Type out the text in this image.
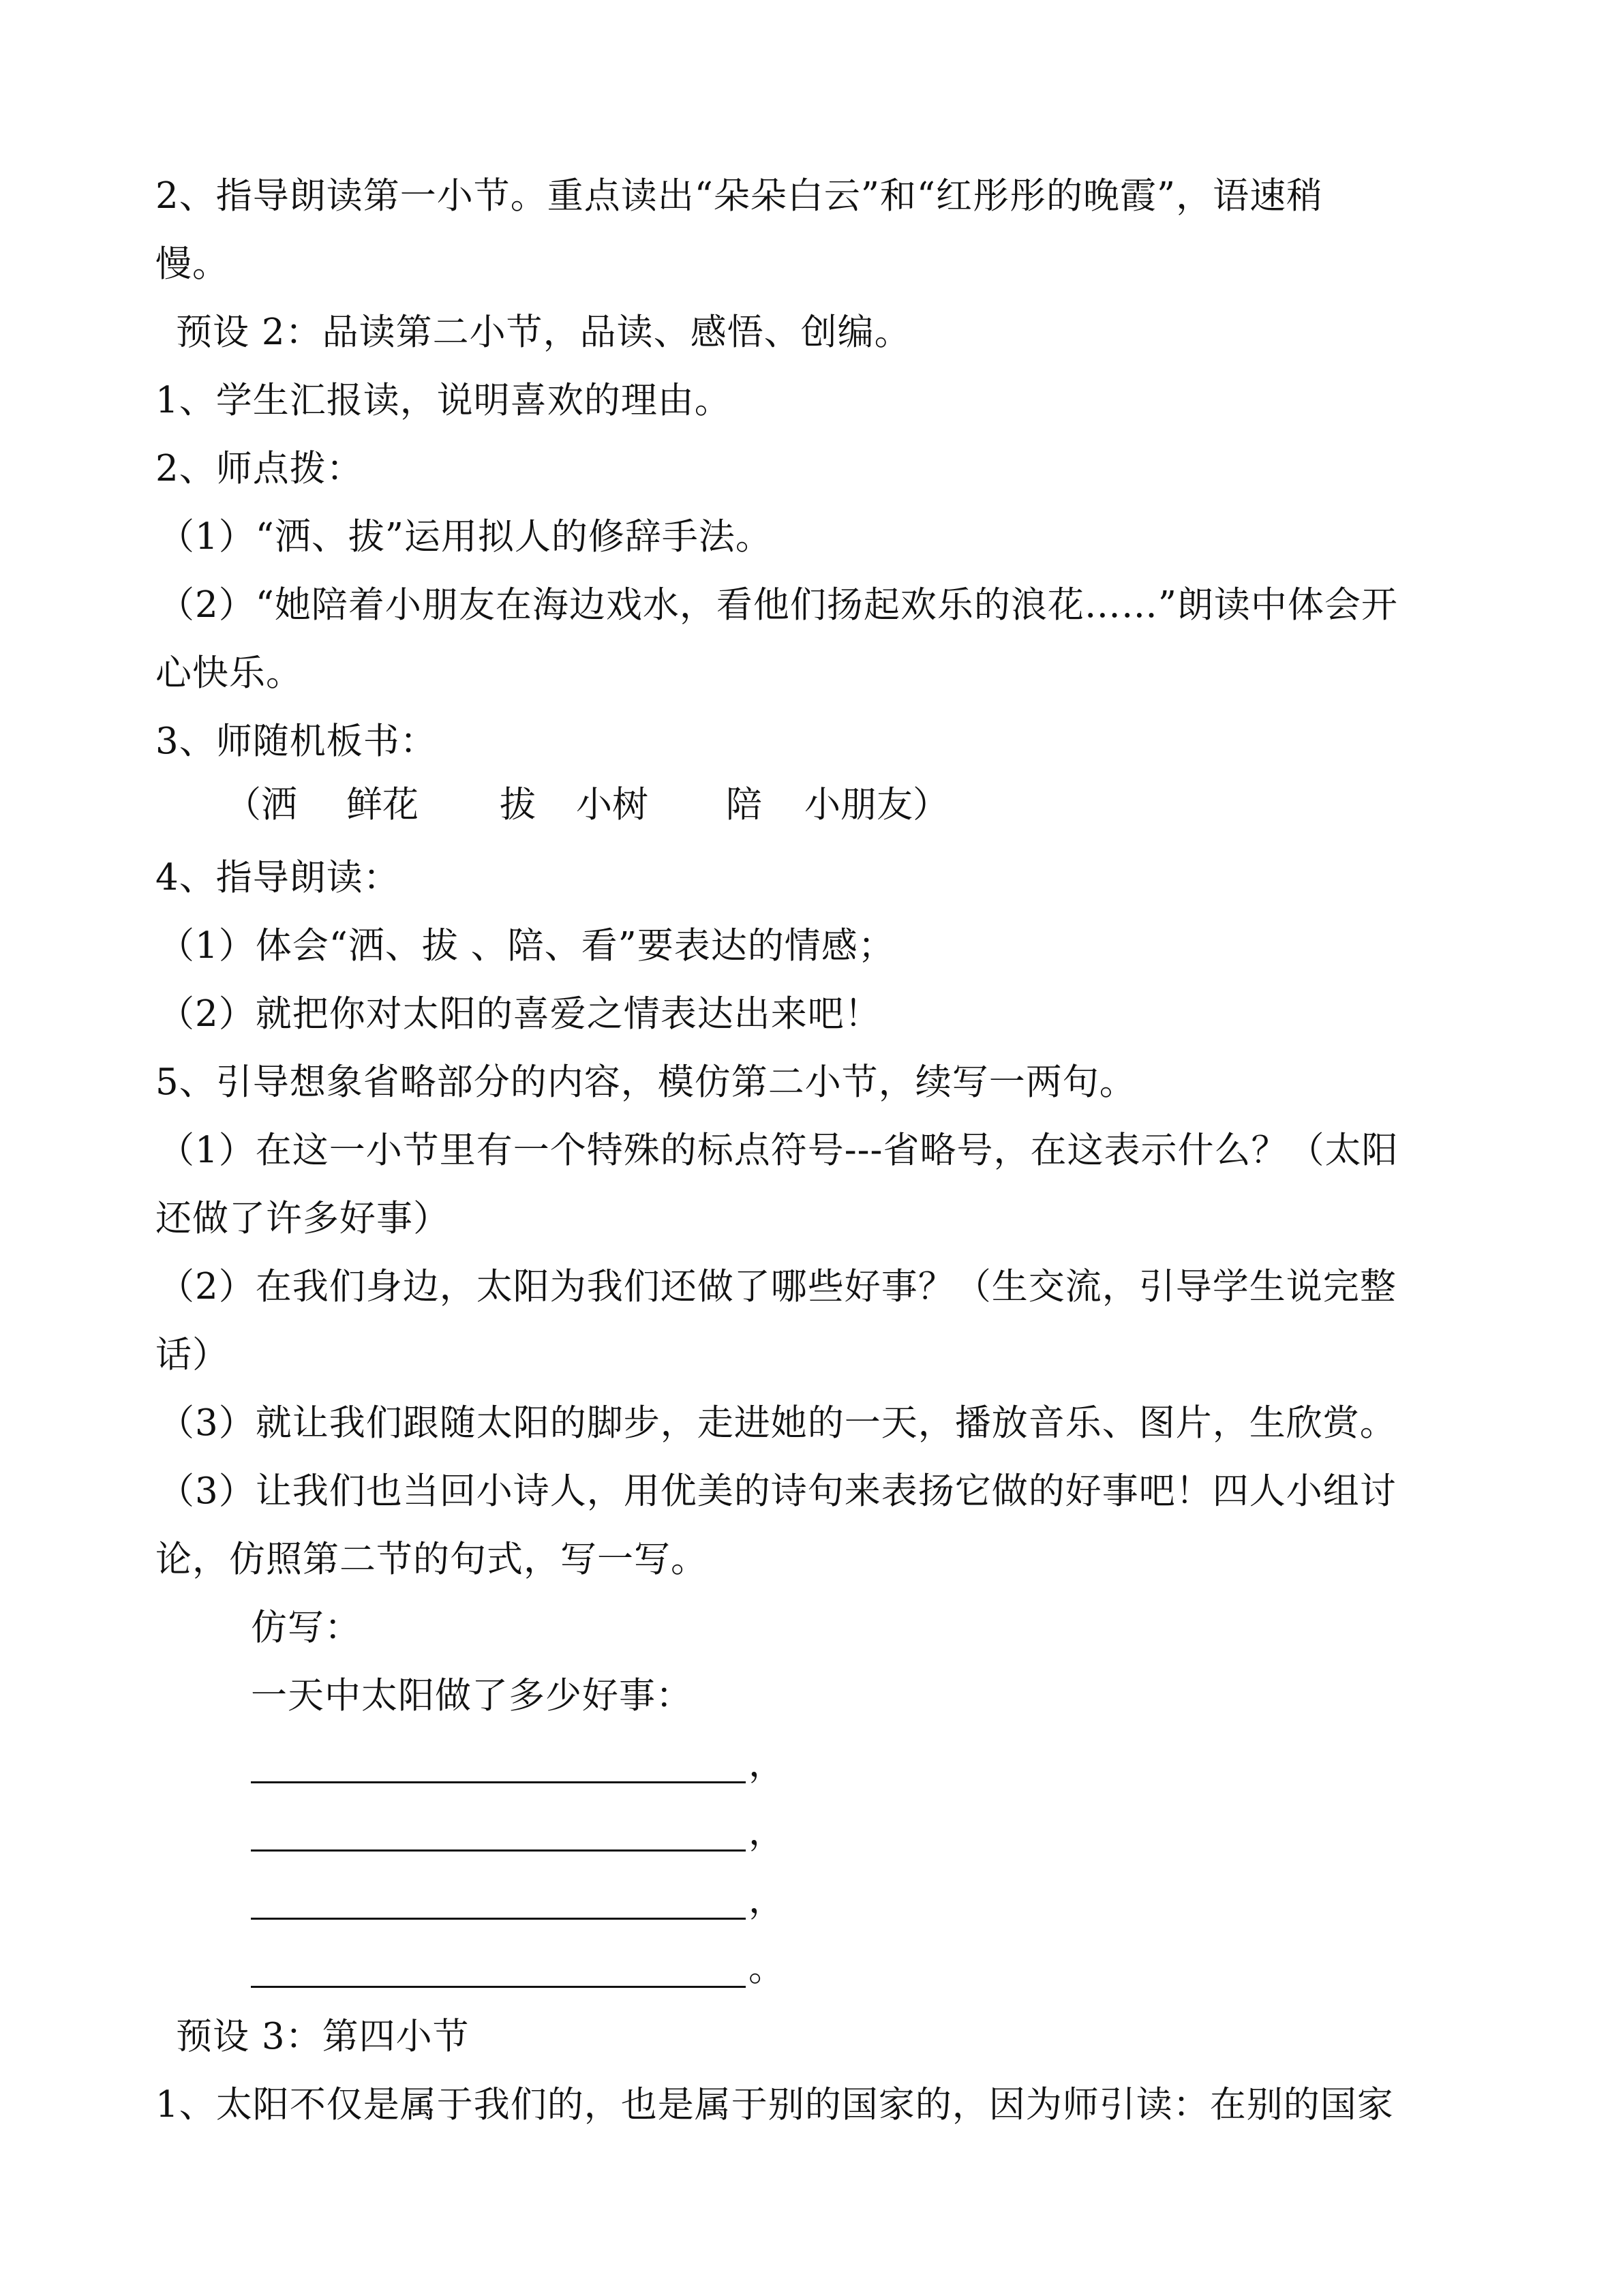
2、指导朗读第一小节。重点读出“朵朵白云”和“红彤彤的晚霞”，语速稍
慢。
预设 2：品读第二小节，品读、感悟、创编。
1、学生汇报读，说明喜欢的理由。
2、师点拨：
（1）“洒、拔”运用拟人的修辞手法。
（2）“她陪着小朋友在海边戏水，看他们扬起欢乐的浪花……”朗读中体会开
心快乐。
3、师随机板书：
（洒 鲜花 拔 小树 陪 小朋友）
4、指导朗读：
（1）体会“洒、拔 、陪、看”要表达的情感；
（2）就把你对太阳的喜爱之情表达出来吧！
5、引导想象省略部分的内容，模仿第二小节，续写一两句。
（1）在这一小节里有一个特殊的标点符号---省略号，在这表示什么？（太阳
还做了许多好事）
（2）在我们身边，太阳为我们还做了哪些好事？（生交流，引导学生说完整
话）
（3）就让我们跟随太阳的脚步，走进她的一天，播放音乐、图片，生欣赏。
（3）让我们也当回小诗人，用优美的诗句来表扬它做的好事吧！四人小组讨
论，仿照第二节的句式，写一写。
仿写：
一天中太阳做了多少好事：
，
，
，
。
预设 3：第四小节
1、太阳不仅是属于我们的，也是属于别的国家的，因为师引读：在别的国家
